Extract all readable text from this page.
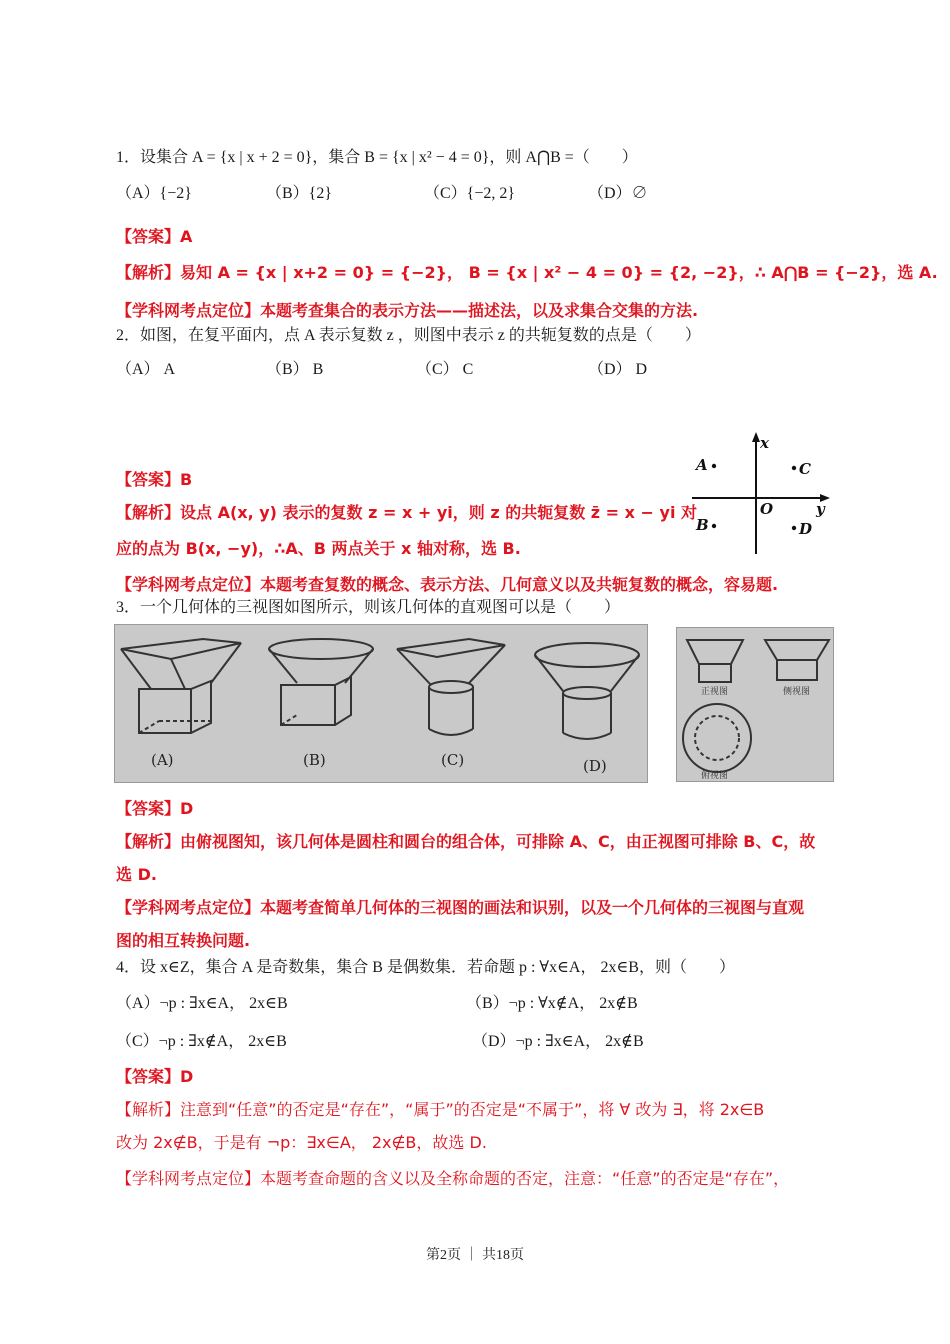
1．设集合 A = {x | x + 2 = 0}，集合 B = {x | x² − 4 = 0}，则 A⋂B =（　　）
（A）{−2}	（B）{2}	（C）{−2, 2}	（D）∅
【答案】A
【解析】易知 A = {x | x+2 = 0} = {−2}， B = {x | x² − 4 = 0} = {2, −2}，∴ A⋂B = {−2}，选 A.
【学科网考点定位】本题考查集合的表示方法——描述法，以及求集合交集的方法.
2．如图，在复平面内，点 A 表示复数 z ，则图中表示 z 的共轭复数的点是（　　）
（A） A	（B） B	（C） C	（D） D
x
y
O
A
B
C
D
【答案】B
【解析】设点 A(x, y) 表示的复数 z = x + yi，则 z 的共轭复数 z̄ = x − yi 对
应的点为 B(x, −y)，∴A、B 两点关于 x 轴对称，选 B.
【学科网考点定位】本题考查复数的概念、表示方法、几何意义以及共轭复数的概念，容易题.
3．一个几何体的三视图如图所示，则该几何体的直观图可以是（　　）
(A)	(B)	(C)	(D)
正视图	侧视图
俯视图
【答案】D
【解析】由俯视图知，该几何体是圆柱和圆台的组合体，可排除 A、C，由正视图可排除 B、C，故
选 D.
【学科网考点定位】本题考查简单几何体的三视图的画法和识别，以及一个几何体的三视图与直观
图的相互转换问题.
4．设 x∈Z，集合 A 是奇数集，集合 B 是偶数集．若命题 p : ∀x∈A， 2x∈B，则（　　）
（A）¬p : ∃x∈A， 2x∈B	（B）¬p : ∀x∉A， 2x∉B
（C）¬p : ∃x∉A， 2x∈B	（D）¬p : ∃x∈A， 2x∉B
【答案】D
【解析】注意到“任意”的否定是“存在”，“属于”的否定是“不属于”，将 ∀ 改为 ∃，将 2x∈B
改为 2x∉B，于是有 ¬p：∃x∈A， 2x∉B，故选 D.
【学科网考点定位】本题考查命题的含义以及全称命题的否定，注意：“任意”的否定是“存在”，
第2页 ｜ 共18页
